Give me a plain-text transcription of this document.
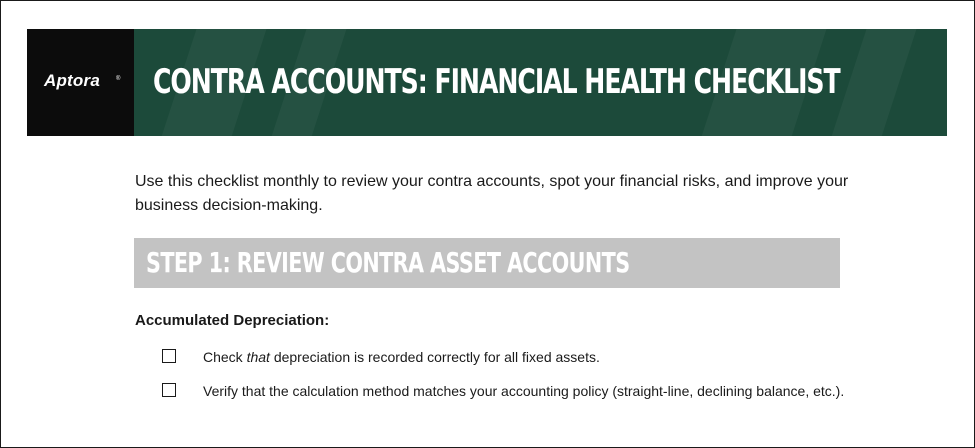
Aptora	® CONTRA ACCOUNTS: FINANCIAL HEALTH CHECKLIST
Use this checklist monthly to review your contra accounts, spot your financial risks, and improve your business decision-making.
STEP 1: REVIEW CONTRA ASSET ACCOUNTS
Accumulated Depreciation:
Check that depreciation is recorded correctly for all fixed assets.
Verify that the calculation method matches your accounting policy (straight-line, declining balance, etc.).
